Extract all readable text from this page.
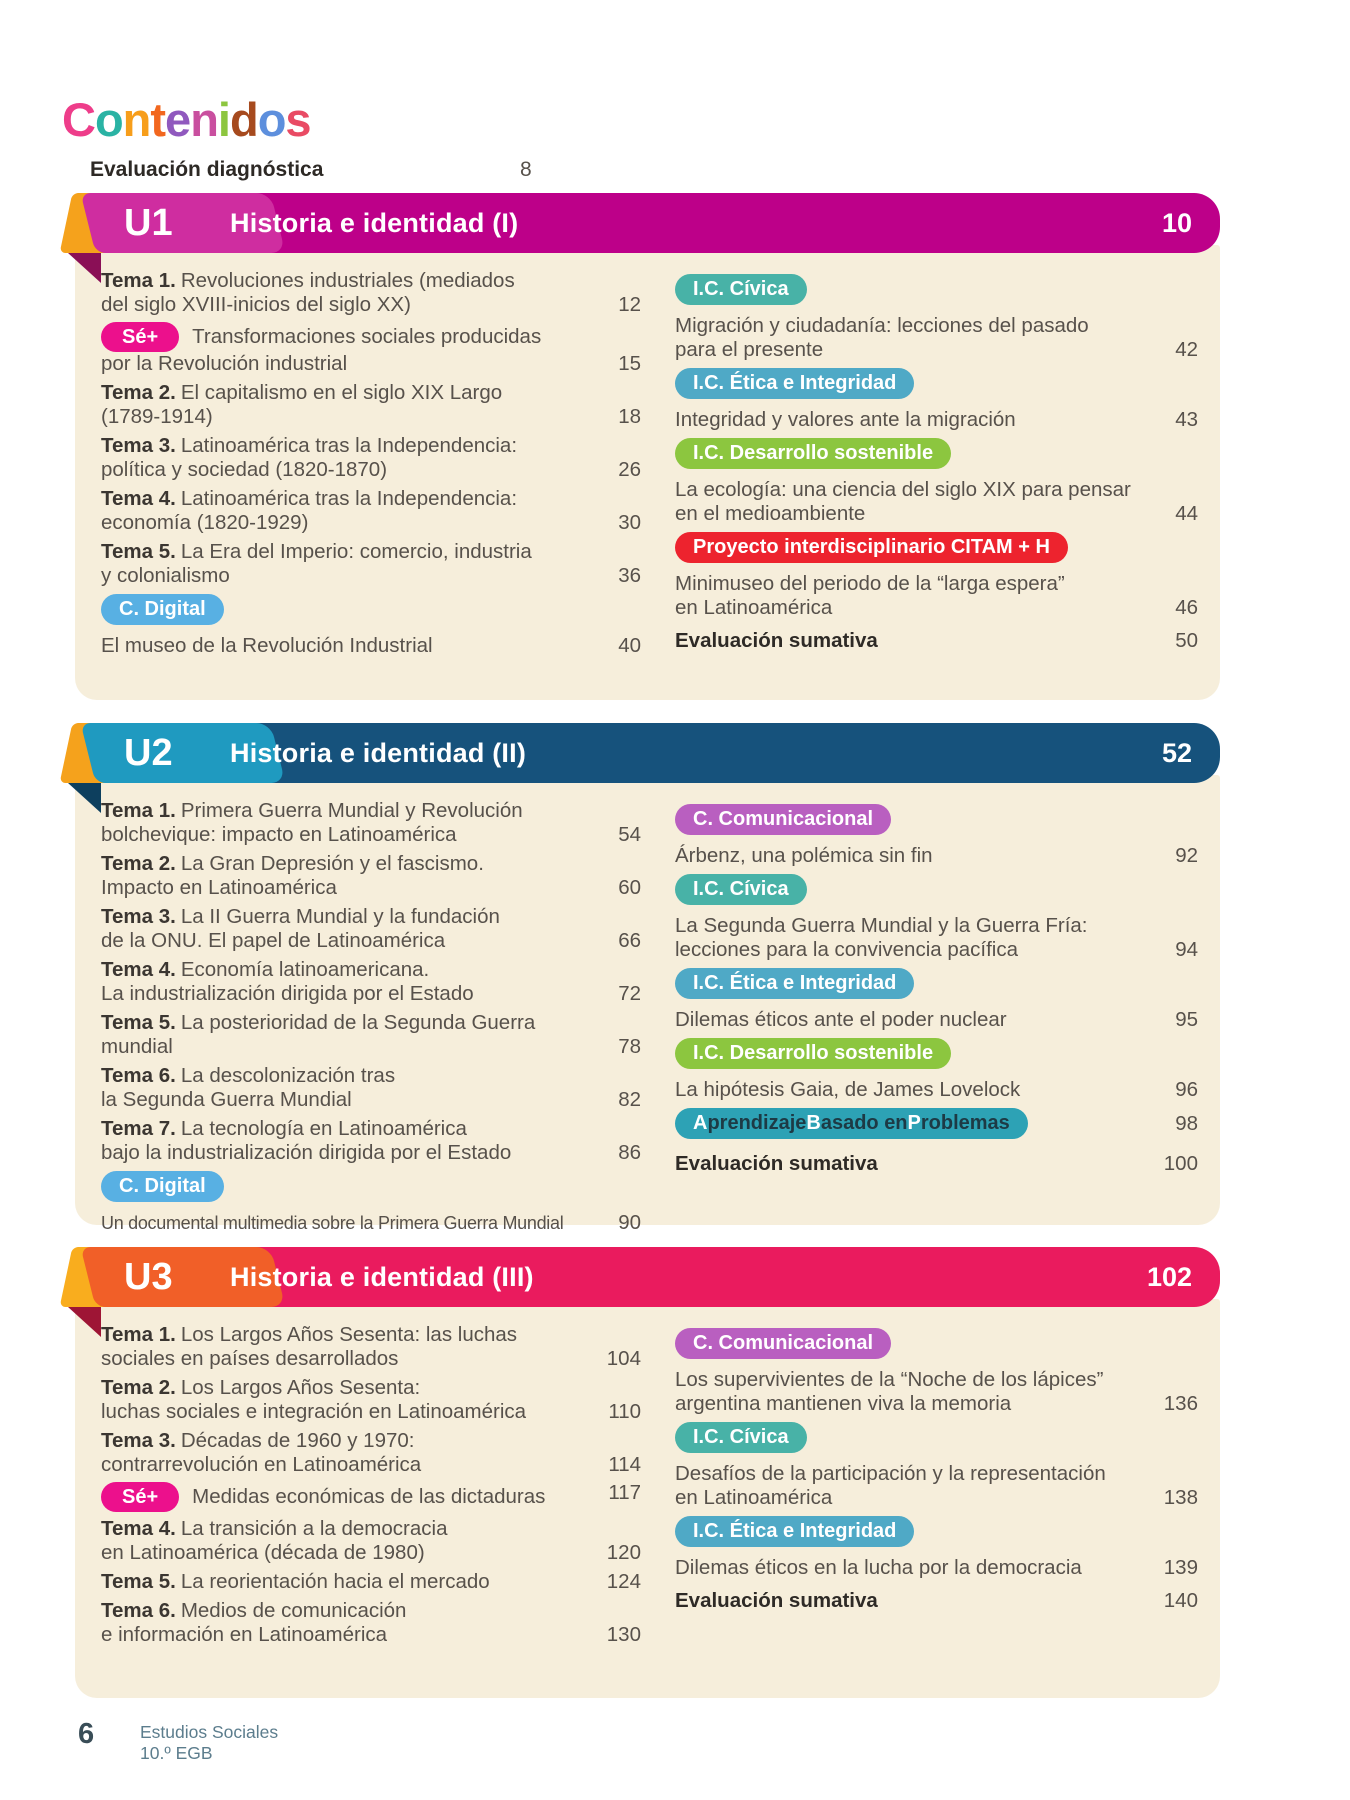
Contenidos
Evaluación diagnóstica	8
Tema 1. Revoluciones industriales (mediados
del siglo XVIII-inicios del siglo XX)	12
Sé+	Transformaciones sociales producidas
por la Revolución industrial	15
Tema 2. El capitalismo en el siglo XIX Largo
(1789-1914)	18
Tema 3. Latinoamérica tras la Independencia:
política y sociedad (1820-1870)	26
Tema 4. Latinoamérica tras la Independencia:
economía (1820-1929)	30
Tema 5. La Era del Imperio: comercio, industria
y colonialismo	36
C. Digital
El museo de la Revolución Industrial	40
I.C. Cívica
Migración y ciudadanía: lecciones del pasado
para el presente	42
I.C. Ética e Integridad
Integridad y valores ante la migración	43
I.C. Desarrollo sostenible
La ecología: una ciencia del siglo XIX para pensar
en el medioambiente	44
Proyecto interdisciplinario CITAM + H
Minimuseo del periodo de la “larga espera”
en Latinoamérica	46
Evaluación sumativa	50
U1	Historia e identidad (I)	10
Tema 1. Primera Guerra Mundial y Revolución
bolchevique: impacto en Latinoamérica	54
Tema 2. La Gran Depresión y el fascismo.
Impacto en Latinoamérica	60
Tema 3. La II Guerra Mundial y la fundación
de la ONU. El papel de Latinoamérica	66
Tema 4. Economía latinoamericana.
La industrialización dirigida por el Estado	72
Tema 5. La posterioridad de la Segunda Guerra mundial	78
Tema 6. La descolonización tras
la Segunda Guerra Mundial	82
Tema 7. La tecnología en Latinoamérica
bajo la industrialización dirigida por el Estado	86
C. Digital
Un documental multimedia sobre la Primera Guerra Mundial	90
C. Comunicacional
Árbenz, una polémica sin fin	92
I.C. Cívica
La Segunda Guerra Mundial y la Guerra Fría:
lecciones para la convivencia pacífica	94
I.C. Ética e Integridad
Dilemas éticos ante el poder nuclear	95
I.C. Desarrollo sostenible
La hipótesis Gaia, de James Lovelock	96
A prendizaje B asado en P roblemas	98
Evaluación sumativa	100
U2	Historia e identidad (II)	52
Tema 1. Los Largos Años Sesenta: las luchas
sociales en países desarrollados	104
Tema 2. Los Largos Años Sesenta:
luchas sociales e integración en Latinoamérica	110
Tema 3. Décadas de 1960 y 1970:
contrarrevolución en Latinoamérica	114
Sé+	Medidas económicas de las dictaduras	117
Tema 4. La transición a la democracia
en Latinoamérica (década de 1980)	120
Tema 5. La reorientación hacia el mercado	124
Tema 6. Medios de comunicación
e información en Latinoamérica	130
C. Comunicacional
Los supervivientes de la “Noche de los lápices”
argentina mantienen viva la memoria	136
I.C. Cívica
Desafíos de la participación y la representación
en Latinoamérica	138
I.C. Ética e Integridad
Dilemas éticos en la lucha por la democracia	139
Evaluación sumativa	140
U3	Historia e identidad (III)	102
6	Estudios Sociales
10.º EGB
